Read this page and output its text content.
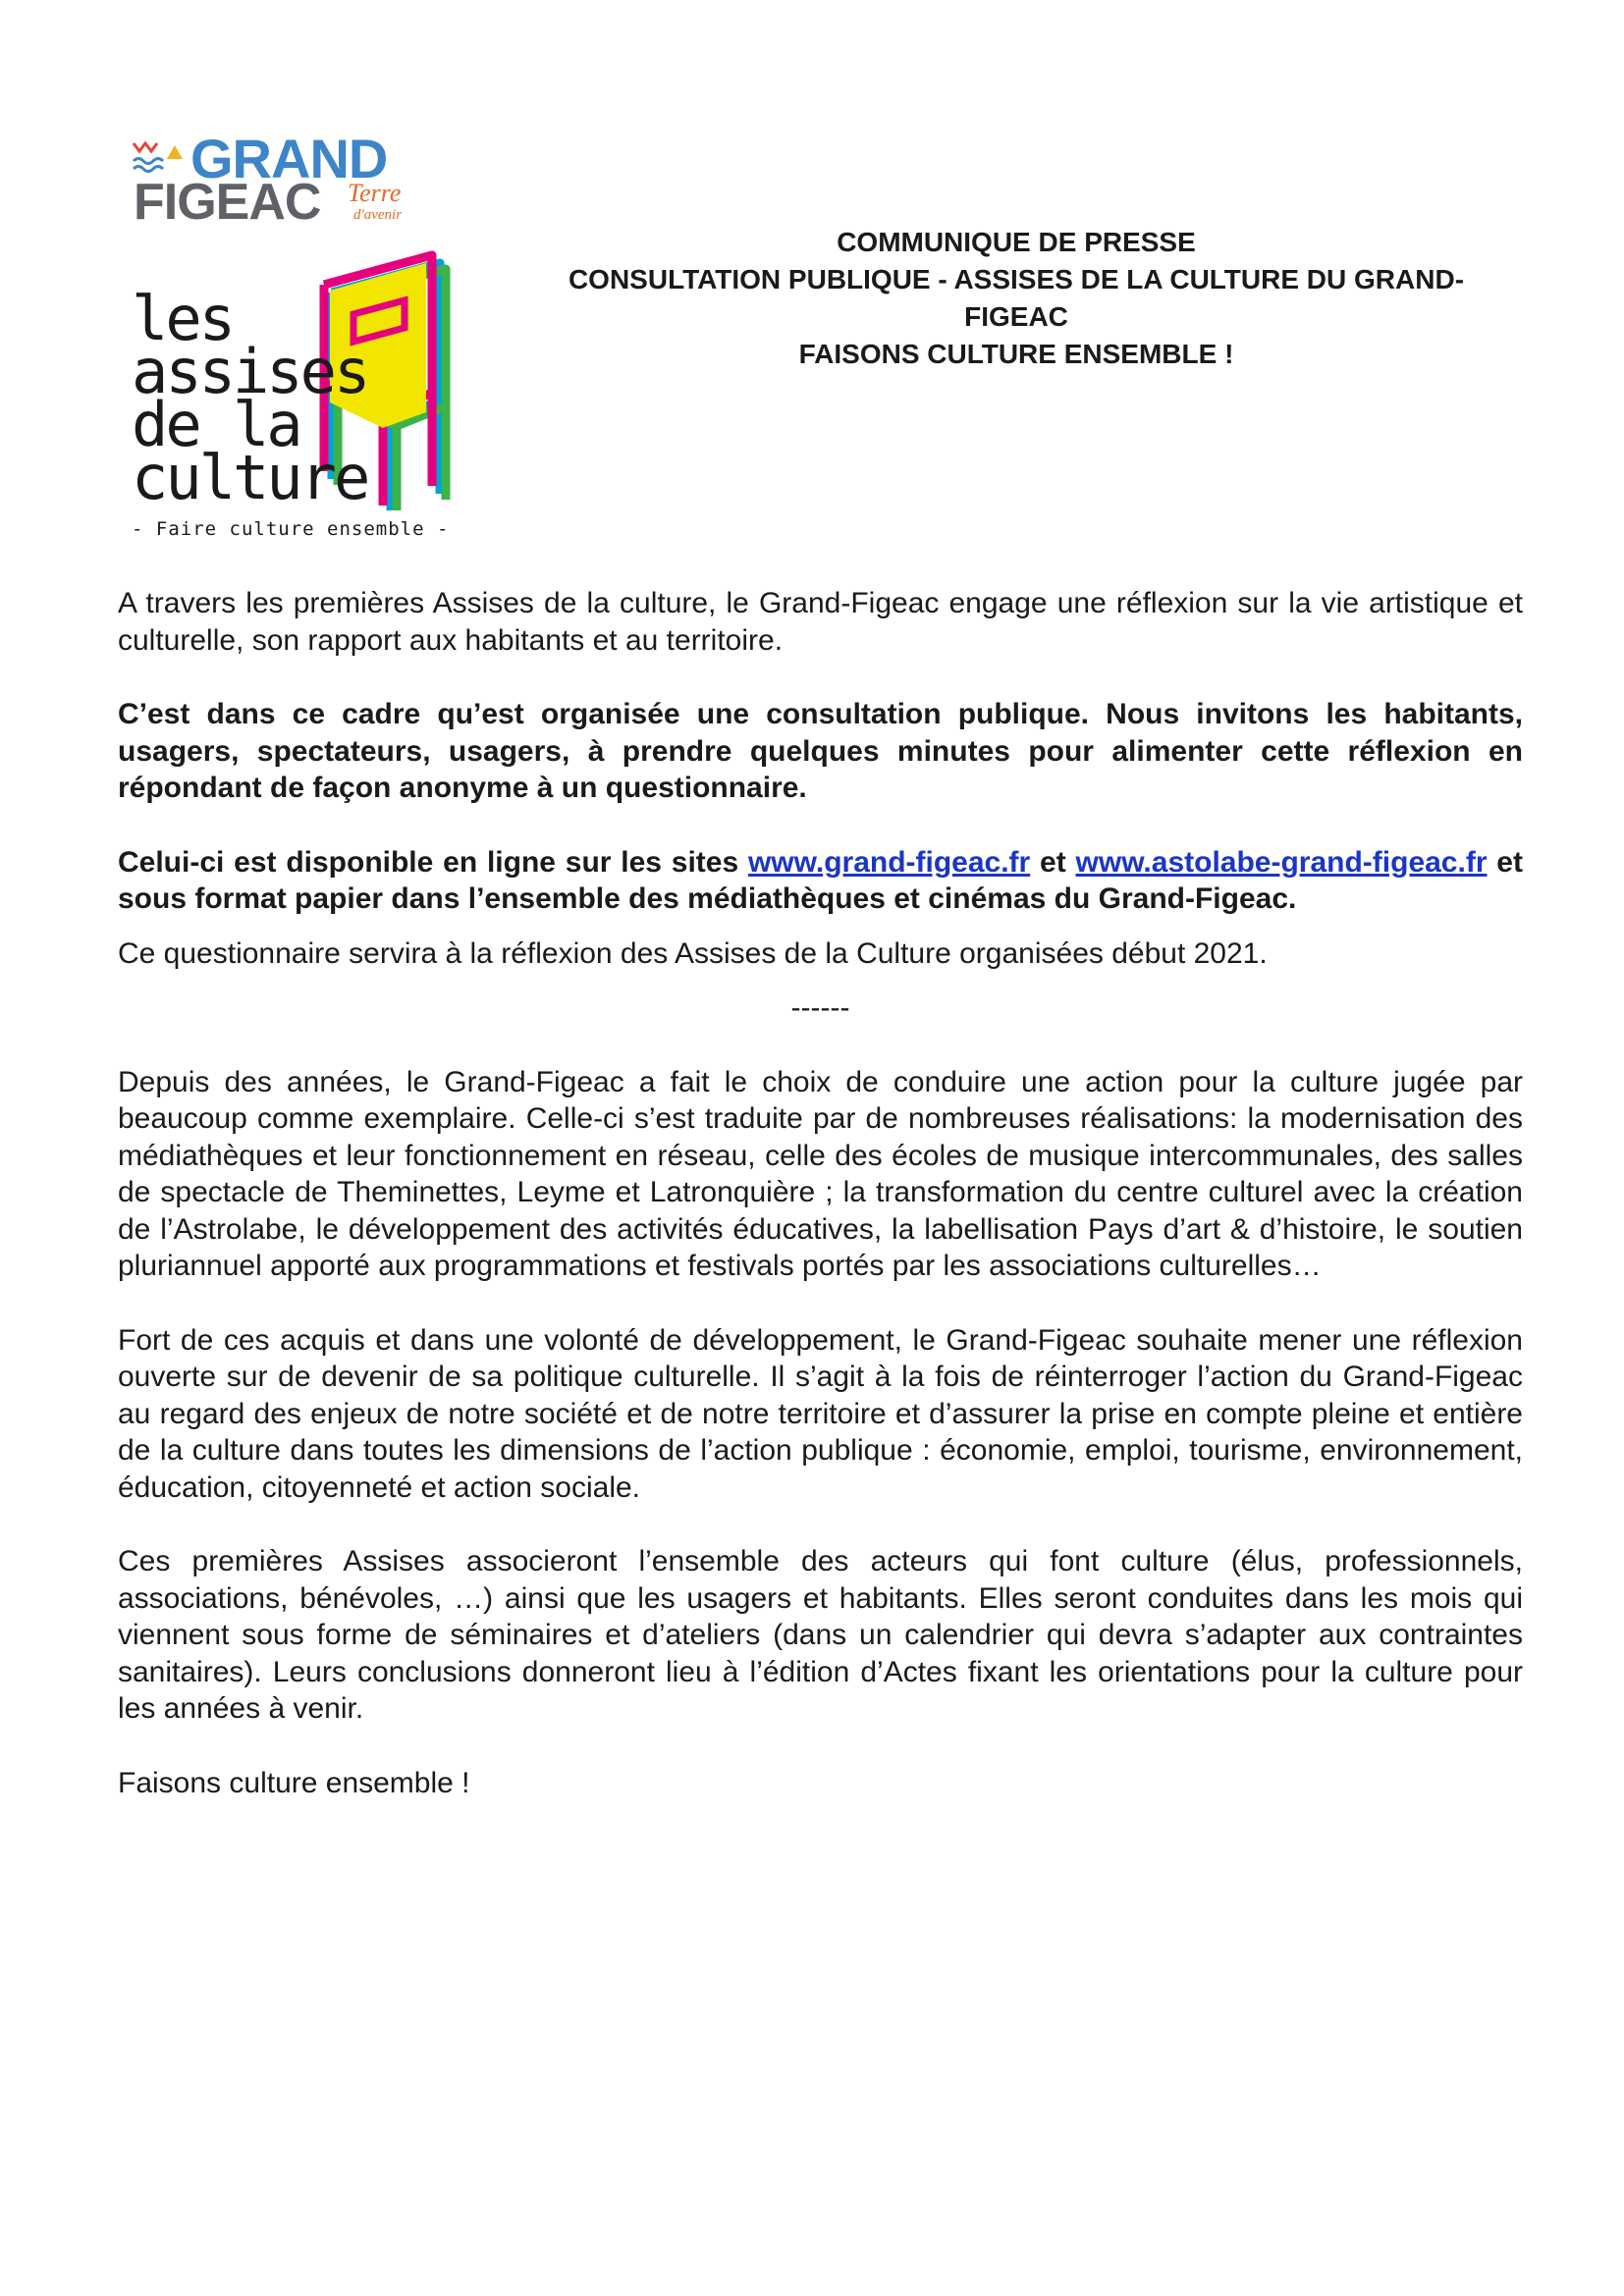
GRAND
FIGEAC Terre
d'avenir
les
assises
de la
culture
- Faire culture ensemble -
COMMUNIQUE DE PRESSE
CONSULTATION PUBLIQUE - ASSISES DE LA CULTURE DU GRAND-
FIGEAC
FAISONS CULTURE ENSEMBLE !

A travers les premières Assises de la culture, le Grand-Figeac engage une réflexion sur la vie artistique et culturelle, son rapport aux habitants et au territoire.

C’est dans ce cadre qu’est organisée une consultation publique. Nous invitons les habitants, usagers, spectateurs, usagers, à prendre quelques minutes pour alimenter cette réflexion en répondant de façon anonyme à un questionnaire.

Celui-ci est disponible en ligne sur les sites www.grand-figeac.fr et www.astolabe-grand-figeac.fr et sous format papier dans l’ensemble des médiathèques et cinémas du Grand-Figeac.

Ce questionnaire servira à la réflexion des Assises de la Culture organisées début 2021.

------

Depuis des années, le Grand-Figeac a fait le choix de conduire une action pour la culture jugée par beaucoup comme exemplaire. Celle-ci s’est traduite par de nombreuses réalisations: la modernisation des médiathèques et leur fonctionnement en réseau, celle des écoles de musique intercommunales, des salles de spectacle de Theminettes, Leyme et Latronquière ; la transformation du centre culturel avec la création de l’Astrolabe, le développement des activités éducatives, la labellisation Pays d’art & d’histoire, le soutien pluriannuel apporté aux programmations et festivals portés par les associations culturelles…

Fort de ces acquis et dans une volonté de développement, le Grand-Figeac souhaite mener une réflexion ouverte sur de devenir de sa politique culturelle. Il s’agit à la fois de réinterroger l’action du Grand-Figeac au regard des enjeux de notre société et de notre territoire et d’assurer la prise en compte pleine et entière de la culture dans toutes les dimensions de l’action publique : économie, emploi, tourisme, environnement, éducation, citoyenneté et action sociale.

Ces premières Assises associeront l’ensemble des acteurs qui font culture (élus, professionnels, associations, bénévoles, …) ainsi que les usagers et habitants. Elles seront conduites dans les mois qui viennent sous forme de séminaires et d’ateliers (dans un calendrier qui devra s’adapter aux contraintes sanitaires). Leurs conclusions donneront lieu à l’édition d’Actes fixant les orientations pour la culture pour les années à venir.

Faisons culture ensemble !
